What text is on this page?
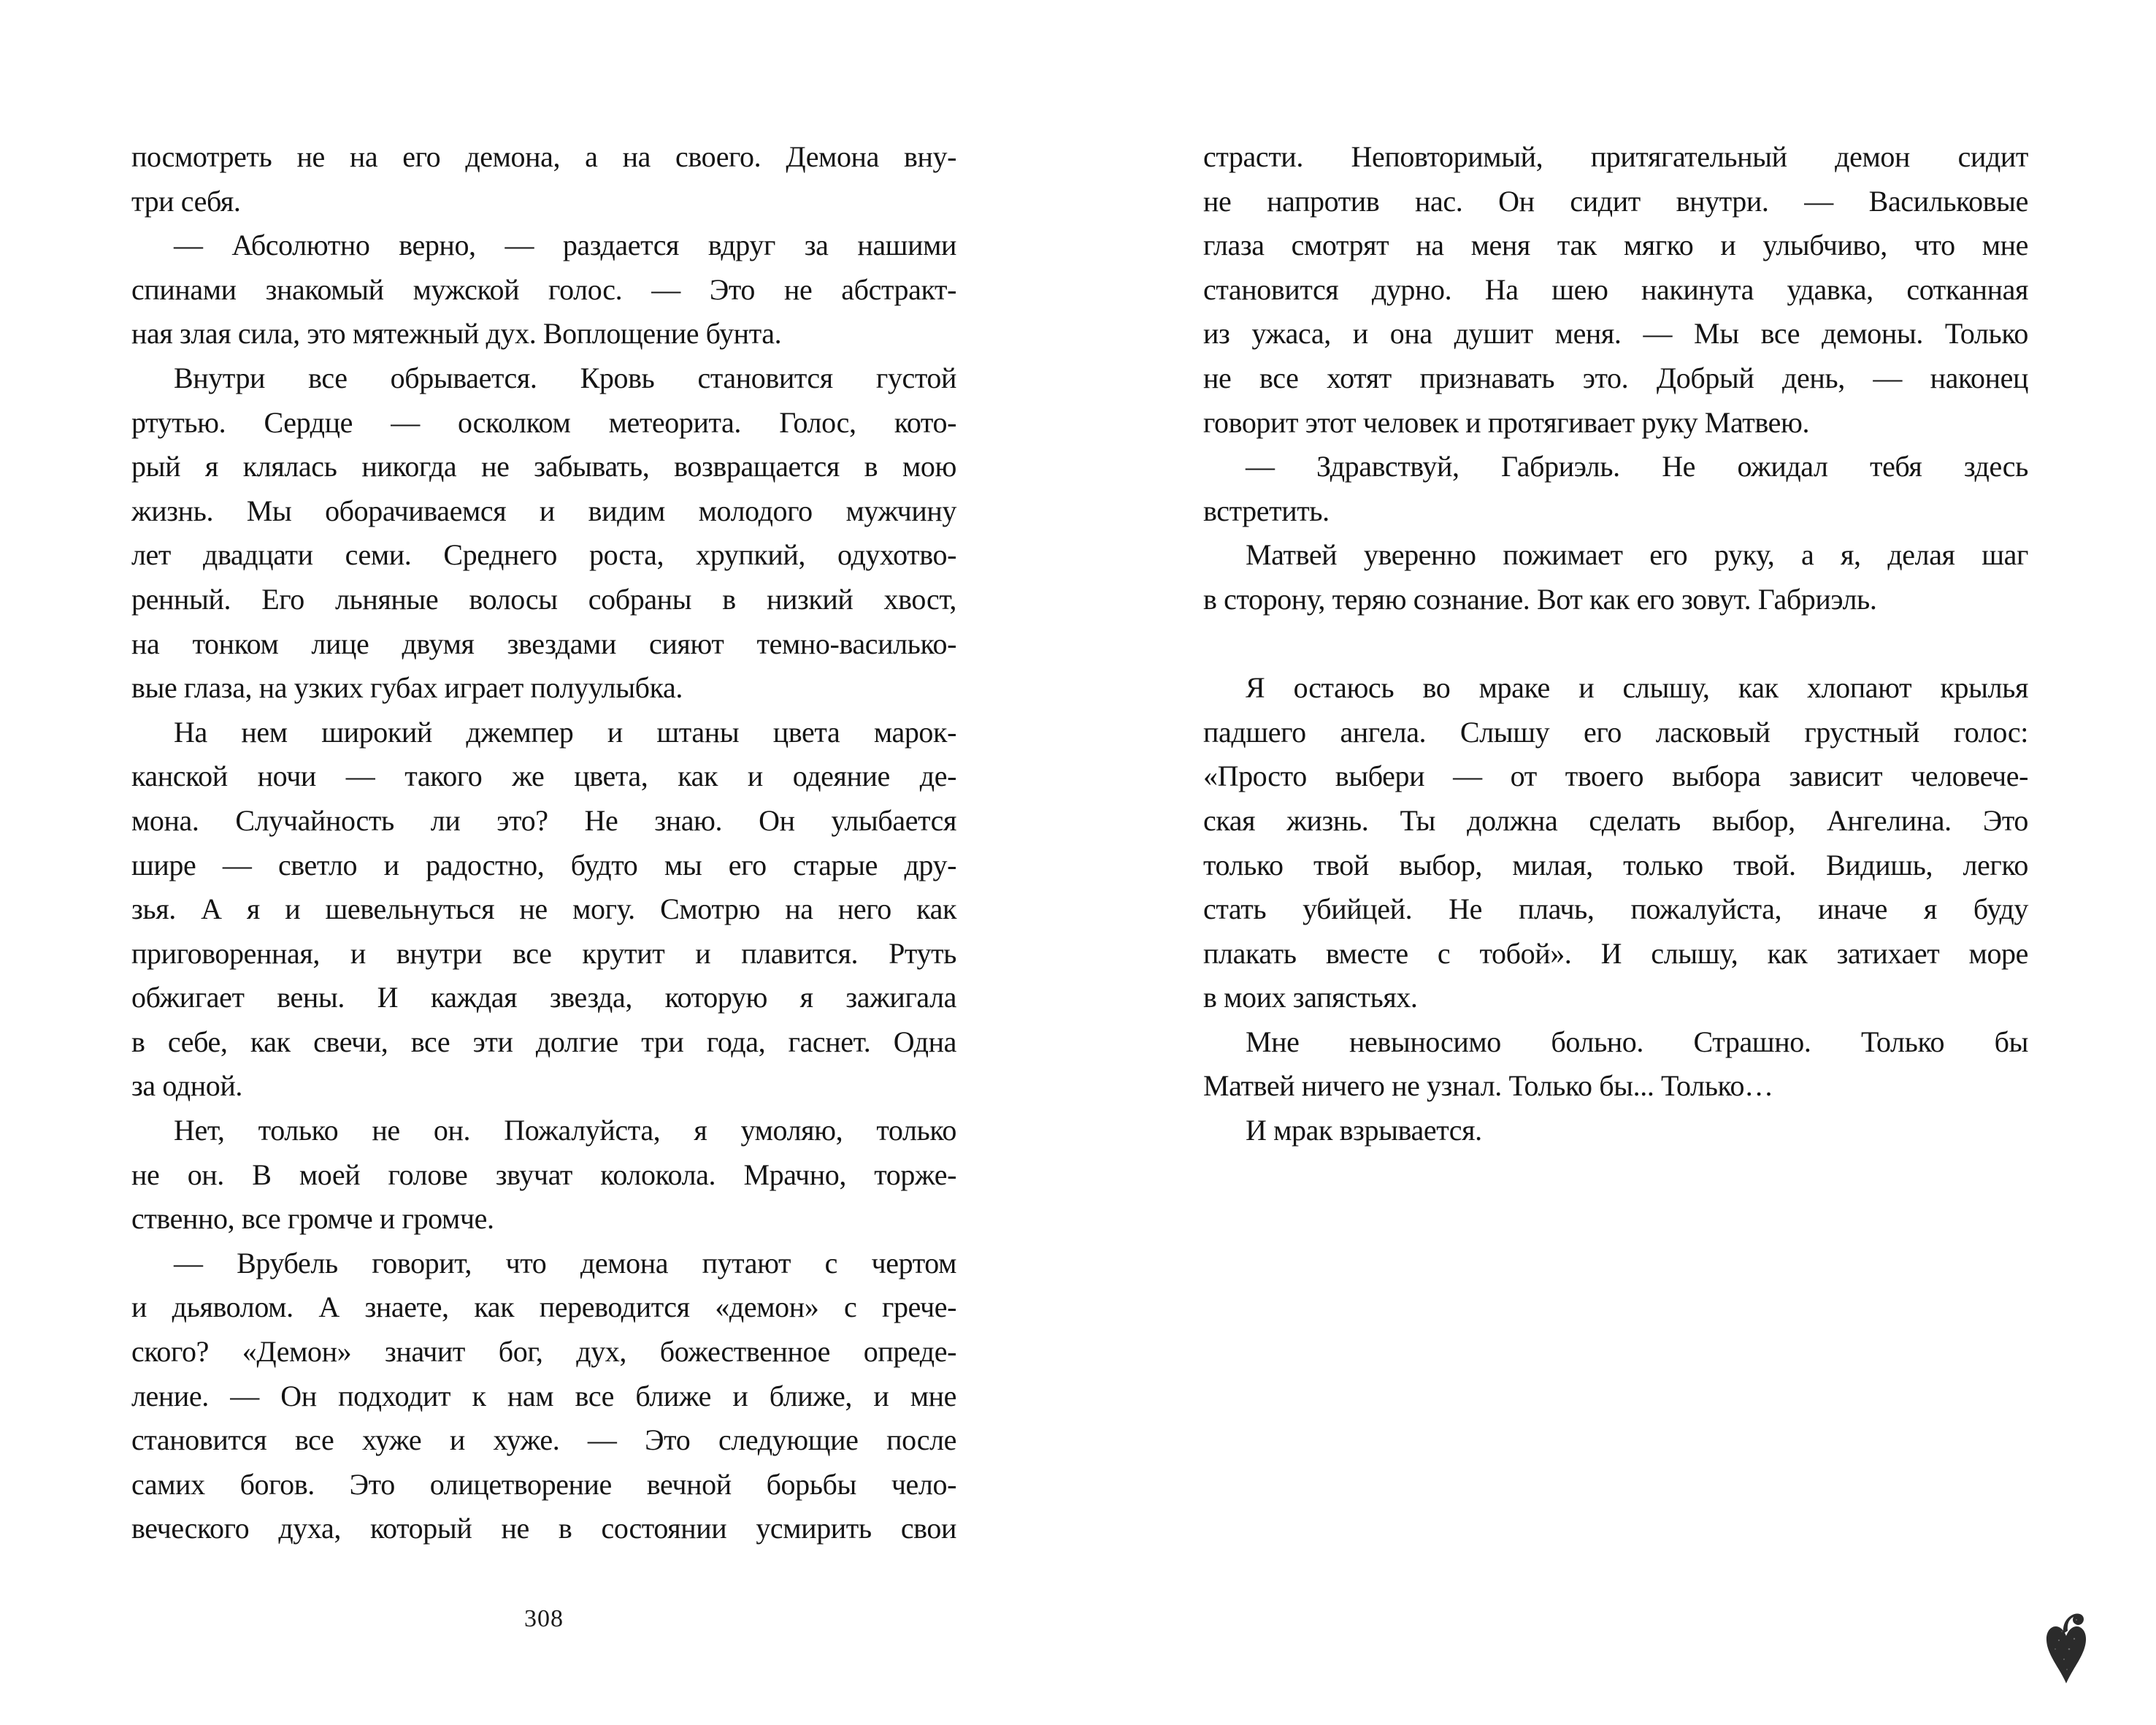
посмотреть не на его демона, а на своего. Демона вну-
три себя.
— Абсолютно верно, — раздается вдруг за нашими
спинами знакомый мужской голос. — Это не абстракт-
ная злая сила, это мятежный дух. Воплощение бунта.
Внутри все обрывается. Кровь становится густой
ртутью. Сердце — осколком метеорита. Голос, кото-
рый я клялась никогда не забывать, возвращается в мою
жизнь. Мы оборачиваемся и видим молодого мужчину
лет двадцати семи. Среднего роста, хрупкий, одухотво-
ренный. Его льняные волосы собраны в низкий хвост,
на тонком лице двумя звездами сияют темно-василько-
вые глаза, на узких губах играет полуулыбка.
На нем широкий джемпер и штаны цвета марок-
канской ночи — такого же цвета, как и одеяние де-
мона. Случайность ли это? Не знаю. Он улыбается
шире — светло и радостно, будто мы его старые дру-
зья. А я и шевельнуться не могу. Смотрю на него как
приговоренная, и внутри все крутит и плавится. Ртуть
обжигает вены. И каждая звезда, которую я зажигала
в себе, как свечи, все эти долгие три года, гаснет. Одна
за одной.
Нет, только не он. Пожалуйста, я умоляю, только
не он. В моей голове звучат колокола. Мрачно, торже-
ственно, все громче и громче.
— Врубель говорит, что демона путают с чертом
и дьяволом. А знаете, как переводится «демон» с грече-
ского? «Демон» значит бог, дух, божественное опреде-
ление. — Он подходит к нам все ближе и ближе, и мне
становится все хуже и хуже. — Это следующие после
самих богов. Это олицетворение вечной борьбы чело-
веческого духа, который не в состоянии усмирить свои
страсти. Неповторимый, притягательный демон сидит
не напротив нас. Он сидит внутри. — Васильковые
глаза смотрят на меня так мягко и улыбчиво, что мне
становится дурно. На шею накинута удавка, сотканная
из ужаса, и она душит меня. — Мы все демоны. Только
не все хотят признавать это. Добрый день, — наконец
говорит этот человек и протягивает руку Матвею.
— Здравствуй, Габриэль. Не ожидал тебя здесь
встретить.
Матвей уверенно пожимает его руку, а я, делая шаг
в сторону, теряю сознание. Вот как его зовут. Габриэль.
Я остаюсь во мраке и слышу, как хлопают крылья
падшего ангела. Слышу его ласковый грустный голос:
«Просто выбери — от твоего выбора зависит человече-
ская жизнь. Ты должна сделать выбор, Ангелина. Это
только твой выбор, милая, только твой. Видишь, легко
стать убийцей. Не плачь, пожалуйста, иначе я буду
плакать вместе с тобой». И слышу, как затихает море
в моих запястьях.
Мне невыносимо больно. Страшно. Только бы
Матвей ничего не узнал. Только бы... Только…
И мрак взрывается.
308
